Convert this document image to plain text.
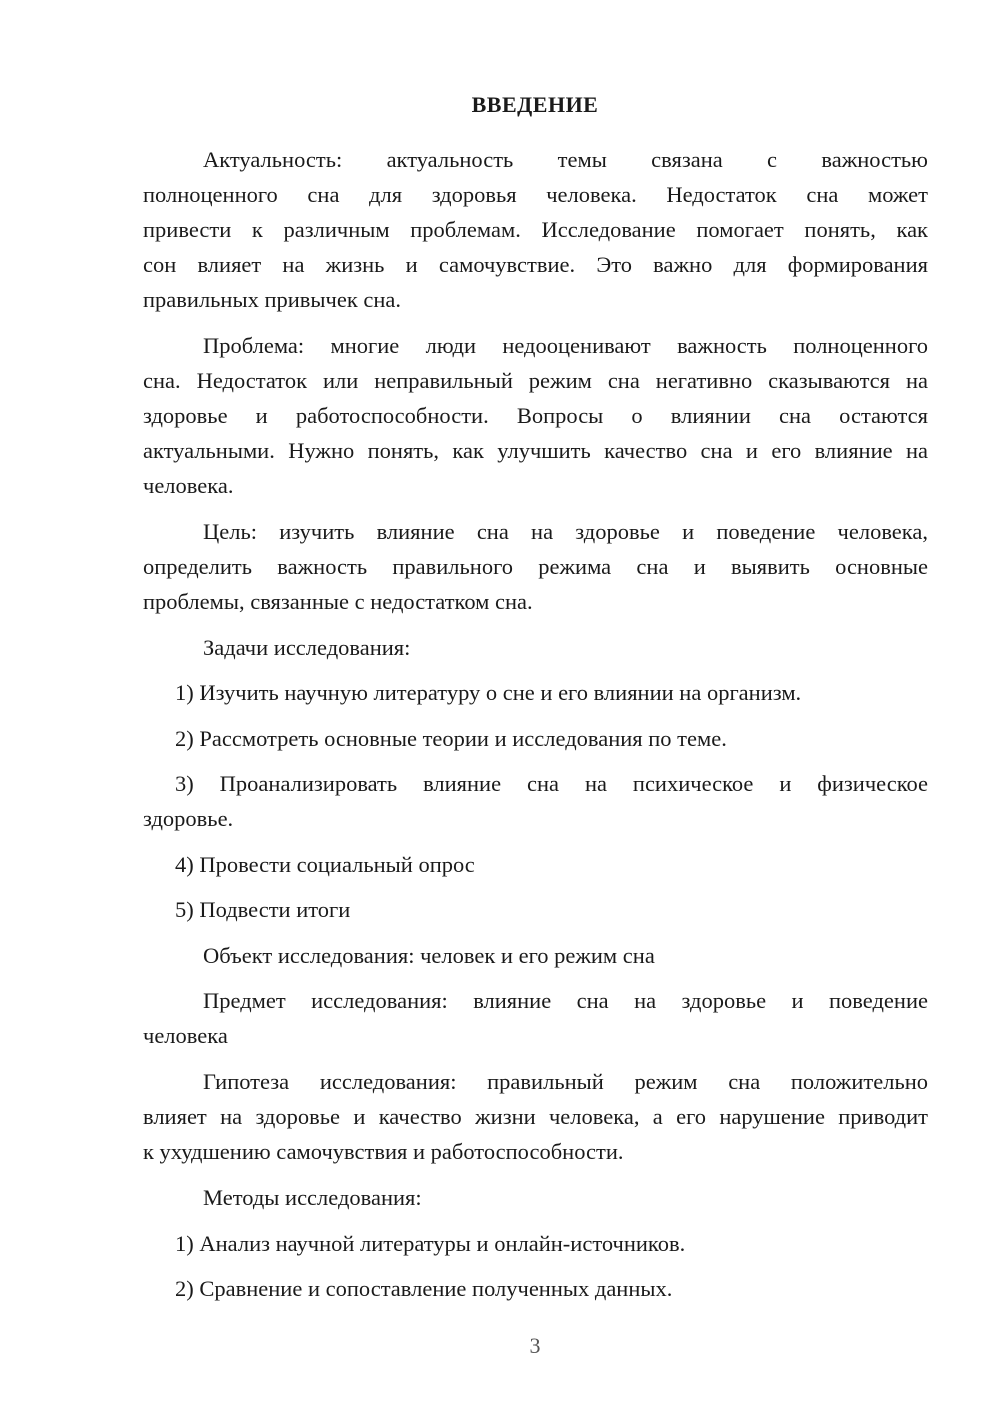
ВВЕДЕНИЕ
Актуальность: актуальность темы связана с важностью
полноценного сна для здоровья человека. Недостаток сна может
привести к различным проблемам. Исследование помогает понять, как
сон влияет на жизнь и самочувствие. Это важно для формирования
правильных привычек сна.
Проблема: многие люди недооценивают важность полноценного
сна. Недостаток или неправильный режим сна негативно сказываются на
здоровье и работоспособности. Вопросы о влиянии сна остаются
актуальными. Нужно понять, как улучшить качество сна и его влияние на
человека.
Цель: изучить влияние сна на здоровье и поведение человека,
определить важность правильного режима сна и выявить основные
проблемы, связанные с недостатком сна.
Задачи исследования:
1) Изучить научную литературу о сне и его влиянии на организм.
2) Рассмотреть основные теории и исследования по теме.
3) Проанализировать влияние сна на психическое и физическое
здоровье.
4) Провести социальный опрос
5) Подвести итоги
Объект исследования: человек и его режим сна
Предмет исследования: влияние сна на здоровье и поведение
человека
Гипотеза исследования: правильный режим сна положительно
влияет на здоровье и качество жизни человека, а его нарушение приводит
к ухудшению самочувствия и работоспособности.
Методы исследования:
1) Анализ научной литературы и онлайн-источников.
2) Сравнение и сопоставление полученных данных.
3
